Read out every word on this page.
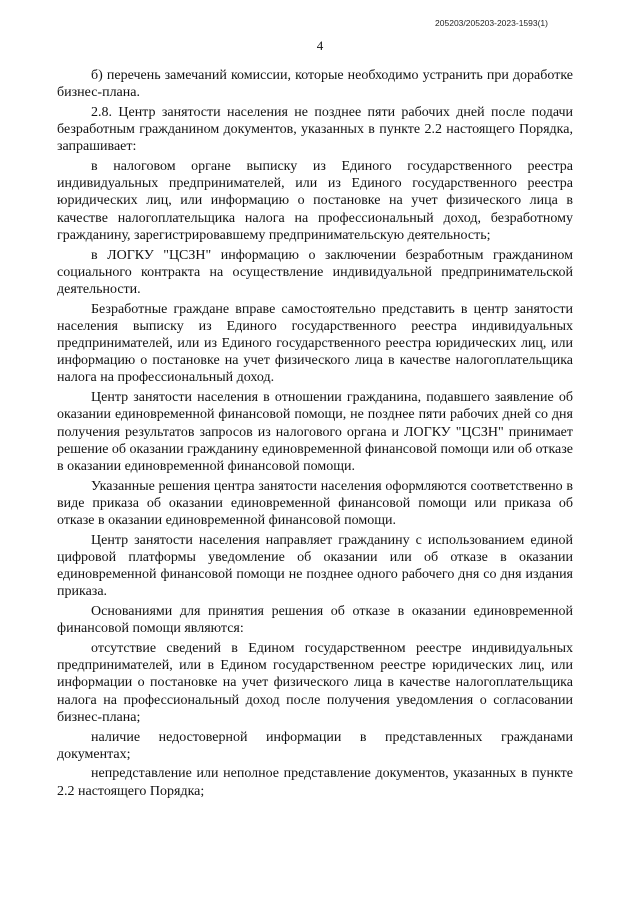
205203/205203-2023-1593(1)
4

б) перечень замечаний комиссии, которые необходимо устранить при доработке бизнес-плана.

2.8. Центр занятости населения не позднее пяти рабочих дней после подачи безработным гражданином документов, указанных в пункте 2.2 настоящего Порядка, запрашивает:

в налоговом органе выписку из Единого государственного реестра индивидуальных предпринимателей, или из Единого государственного реестра юридических лиц, или информацию о постановке на учет физического лица в качестве налогоплательщика налога на профессиональный доход, безработному гражданину, зарегистрировавшему предпринимательскую деятельность;

в ЛОГКУ "ЦСЗН" информацию о заключении безработным гражданином социального контракта на осуществление индивидуальной предпринимательской деятельности.

Безработные граждане вправе самостоятельно представить в центр занятости населения выписку из Единого государственного реестра индивидуальных предпринимателей, или из Единого государственного реестра юридических лиц, или информацию о постановке на учет физического лица в качестве налогоплательщика налога на профессиональный доход.

Центр занятости населения в отношении гражданина, подавшего заявление об оказании единовременной финансовой помощи, не позднее пяти рабочих дней со дня получения результатов запросов из налогового органа и ЛОГКУ "ЦСЗН" принимает решение об оказании гражданину единовременной финансовой помощи или об отказе в оказании единовременной финансовой помощи.

Указанные решения центра занятости населения оформляются соответственно в виде приказа об оказании единовременной финансовой помощи или приказа об отказе в оказании единовременной финансовой помощи.

Центр занятости населения направляет гражданину с использованием единой цифровой платформы уведомление об оказании или об отказе в оказании единовременной финансовой помощи не позднее одного рабочего дня со дня издания приказа.

Основаниями для принятия решения об отказе в оказании единовременной финансовой помощи являются:

отсутствие сведений в Едином государственном реестре индивидуальных предпринимателей, или в Едином государственном реестре юридических лиц, или информации о постановке на учет физического лица в качестве налогоплательщика налога на профессиональный доход после получения уведомления о согласовании бизнес-плана;

наличие недостоверной информации в представленных гражданами документах;

непредставление или неполное представление документов, указанных в пункте 2.2 настоящего Порядка;
